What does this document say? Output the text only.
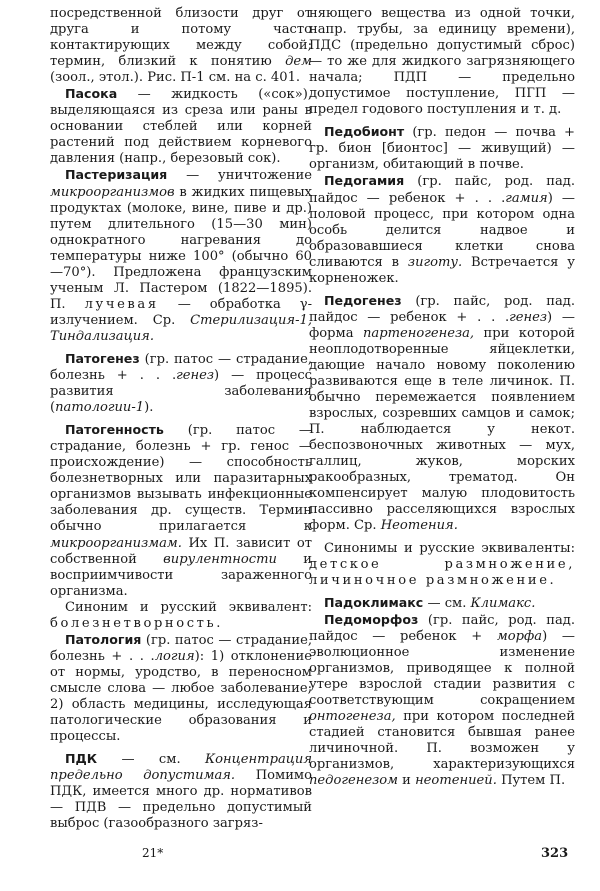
посредственной близости друг от друга и потому часто контактирующих между собой; термин, близкий к понятию дем (зоол., этол.). Рис. П-1 см. на с. 401.

Пасока — жидкость («сок»), выделяющаяся из среза или раны в основании стеблей или корней растений под действием корневого давления (напр., березовый сок).

Пастеризация — уничтожение микроорганизмов в жидких пищевых продуктах (молоке, вине, пиве и др.) путем длительного (15—30 мин) однократного нагревания до температуры ниже 100° (обычно 60—70°). Предложена французским ученым Л. Пастером (1822—1895). П. лучевая — обработка γ-излучением. Ср. Стерилизация-1, Тиндализация.

Патогенез (гр. патос — страдание, болезнь + . . .генез) — процесс развития заболевания (патологии-1).

Патогенность (гр. патос — страдание, болезнь + гр. генос — происхождение) — способность болезнетворных или паразитарных организмов вызывать инфекционные заболевания др. существ. Термин обычно прилагается к микроорганизмам. Их П. зависит от собственной вирулентности и восприимчивости зараженного организма.

Синоним и русский эквивалент: болезнетворность.

Патология (гр. патос — страдание, болезнь + . . .логия): 1) отклонение от нормы, уродство, в переносном смысле слова — любое заболевание; 2) область медицины, исследующая патологические образования и процессы.

ПДК — см. Концентрация предельно допустимая. Помимо ПДК, имеется много др. нормативов — ПДВ — предельно допустимый выброс (газообразного загряз-

няющего вещества из одной точки, напр. трубы, за единицу времени), ПДС (предельно допустимый сброс) — то же для жидкого загрязняющего начала; ПДП — предельно допустимое поступление, ПГП — предел годового поступления и т. д.

Педобионт (гр. педон — почва + гр. бион [бионтос] — живущий) — организм, обитающий в почве.

Педогамия (гр. пайс, род. пад. пайдос — ребенок + . . .гамия) — половой процесс, при котором одна особь делится надвое и образовавшиеся клетки снова сливаются в зиготу. Встречается у корненожек.

Педогенез (гр. пайс, род. пад. пайдос — ребенок + . . .генез) — форма партеногенеза, при которой неоплодотворенные яйцеклетки, дающие начало новому поколению развиваются еще в теле личинок. П. обычно перемежается появлением взрослых, созревших самцов и самок; П. наблюдается у некот. беспозвоночных животных — мух, галлиц, жуков, морских ракообразных, трематод. Он компенсирует малую плодовитость пассивно расселяющихся взрослых форм. Ср. Неотения.

Синонимы и русские эквиваленты: детское размножение, личиночное размножение.

Падоклимакс — см. Климакс.

Педоморфоз (гр. пайс, род. пад. пайдос — ребенок + морфа) — эволюционное изменение организмов, приводящее к полной утере взрослой стадии развития с соответствующим сокращением онтогенеза, при котором последней стадией становится бывшая ранее личиночной. П. возможен у организмов, характеризующихся педогенезом и неотенией. Путем П.

21*	323
